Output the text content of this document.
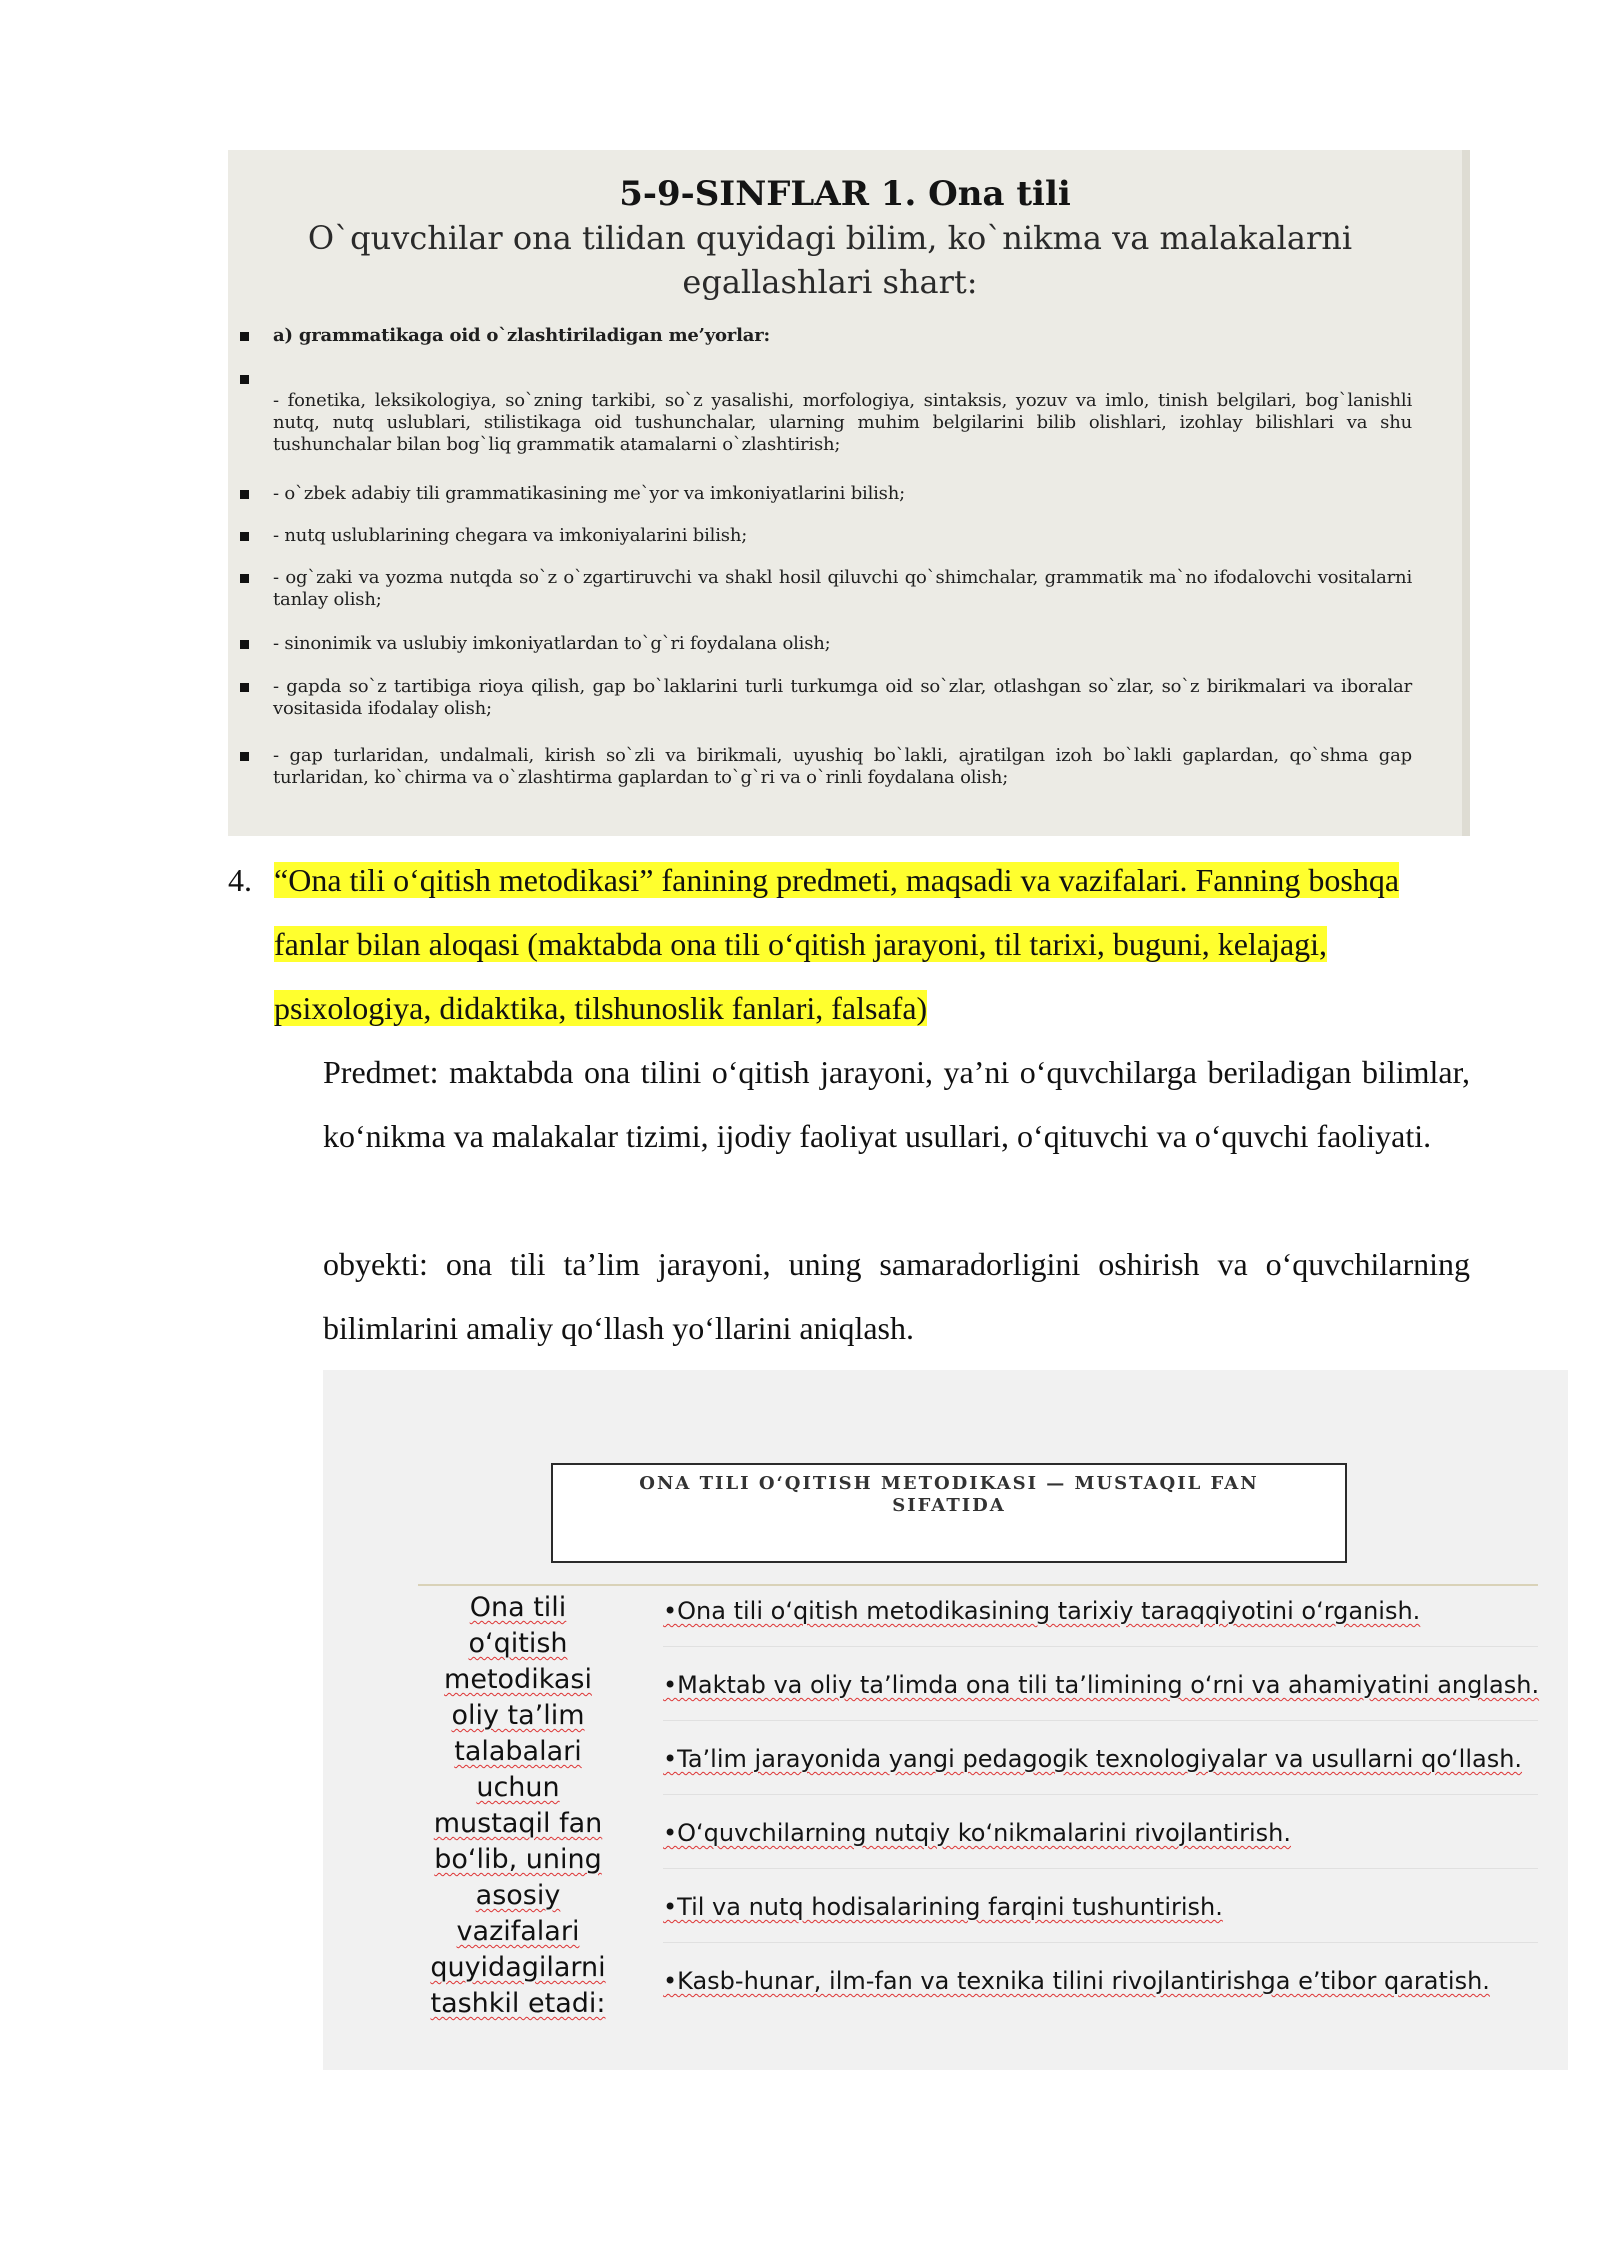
5-9-SINFLAR 1. Ona tili
O`quvchilar ona tilidan quyidagi bilim, ko`nikma va malakalarni egallashlari shart:
a) grammatikaga oid o`zlashtiriladigan me’yorlar:
- fonetika, leksikologiya, so`zning tarkibi, so`z yasalishi, morfologiya, sintaksis, yozuv va imlo, tinish belgilari, bog`lanishli nutq, nutq uslublari, stilistikaga oid tushunchalar, ularning muhim belgilarini bilib olishlari, izohlay bilishlari va shu tushunchalar bilan bog`liq grammatik atamalarni o`zlashtirish;
- o`zbek adabiy tili grammatikasining me`yor va imkoniyatlarini bilish;
- nutq uslublarining chegara va imkoniyalarini bilish;
- og`zaki va yozma nutqda so`z o`zgartiruvchi va shakl hosil qiluvchi qo`shimchalar, grammatik ma`no ifodalovchi vositalarni tanlay olish;
- sinonimik va uslubiy imkoniyatlardan to`g`ri foydalana olish;
- gapda so`z tartibiga rioya qilish, gap bo`laklarini turli turkumga oid so`zlar, otlashgan so`zlar, so`z birikmalari va iboralar vositasida ifodalay olish;
- gap turlaridan, undalmali, kirish so`zli va birikmali, uyushiq bo`lakli, ajratilgan izoh bo`lakli gaplardan, qo`shma gap turlaridan, ko`chirma va o`zlashtirma gaplardan to`g`ri va o`rinli foydalana olish;
4. “Ona tili o‘qitish metodikasi” fanining predmeti, maqsadi va vazifalari. Fanning boshqa fanlar bilan aloqasi (maktabda ona tili o‘qitish jarayoni, til tarixi, buguni, kelajagi, psixologiya, didaktika, tilshunoslik fanlari, falsafa)
Predmet: maktabda ona tilini o‘qitish jarayoni, ya’ni o‘quvchilarga beriladigan bilimlar, ko‘nikma va malakalar tizimi, ijodiy faoliyat usullari, o‘qituvchi va o‘quvchi faoliyati.
obyekti: ona tili ta’lim jarayoni, uning samaradorligini oshirish va o‘quvchilarning bilimlarini amaliy qo‘llash yo‘llarini aniqlash.
ONA TILI O‘QITISH METODIKASI — MUSTAQIL FAN SIFATIDA
Ona tili o‘qitish metodikasi oliy ta’lim talabalari uchun mustaqil fan bo‘lib, uning asosiy vazifalari quyidagilarni tashkil etadi:
•Ona tili o‘qitish metodikasining tarixiy taraqqiyotini o‘rganish.
•Maktab va oliy ta’limda ona tili ta’limining o‘rni va ahamiyatini anglash.
•Ta’lim jarayonida yangi pedagogik texnologiyalar va usullarni qo‘llash.
•O‘quvchilarning nutqiy ko‘nikmalarini rivojlantirish.
•Til va nutq hodisalarining farqini tushuntirish.
•Kasb-hunar, ilm-fan va texnika tilini rivojlantirishga e’tibor qaratish.
